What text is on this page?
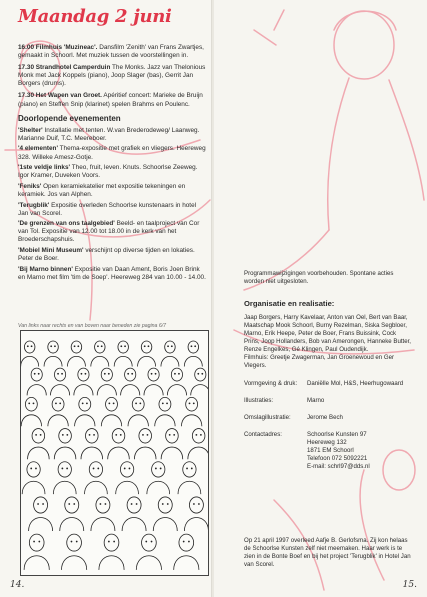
Maandag 2 juni
16.00 Filmhuis 'Muzineac'. Dansfilm 'Zenith' van Frans Zwartjes, gemaakt in Schoorl. Met muziek tussen de voorstellingen in.
17.30 Strandhotel Camperduin The Monks. Jazz van Thelonious Monk met Jack Koppels (piano), Joop Slager (bas), Gerrit Jan Borgers (drums).
17.30 Het Wapen van Groet. Apéritief concert: Marieke de Bruijn (piano) en Steffen Snip (klarinet) spelen Brahms en Poulenc.
Doorlopende evenementen
'Shelter' Installatie met tenten. W.van Brederodeweg/ Laanweg. Marianne Duif, T.C. Meereboer.
'4 elementen' Thema-expositie met grafiek en vliegers. Heereweg 328. Willeke Amesz-Gotje.
'1ste veldje links' Theo, fruit, leven. Knuts. Schoorlse Zeeweg. Igor Kramer, Duveken Voors.
'Feniks' Open keramiekatelier met expositie tekeningen en keramiek. Jos van Alphen.
'Terugblik' Expositie overleden Schoorlse kunstenaars in hotel Jan van Scorel.
'De grenzen van ons taalgebied' Beeld- en taalproject van Cor van Tol. Expositie van 12.00 tot 18.00 in de kerk van het Broederschapshuis.
'Mobiel Mini Museum' verschijnt op diverse tijden en lokaties. Peter de Boer.
'Bij Marno binnen' Expositie van Daan Ament, Boris Joen Brink en Marno met film 'tim de Soep'. Heereweg 284 van 10.00 - 14.00.
Van links naar rechts en van boven naar beneden zie pagina 6/7
14.	15.
Programmawijzigingen voorbehouden. Spontane acties worden niet uitgesloten.
Organisatie en realisatie:
Jaap Borgers, Harry Kavelaar, Anton van Oel, Bert van Baar, Maatschap Mook Schoorl, Burny Rezelman, Siska Segbloer, Marno, Erik Heepe, Peter de Boer, Frans Buissink, Cock Prins, Joop Hollanders, Bob van Amerongen, Hanneke Butter, Renze Engelkes, Gé Klingen, Paul Oudendijk.
Filmhuis: Greetje Zwagerman, Jan Groenewoud en Ger Vlegers.
Vormgeving & druk:	Daniëlle Mol, H&S, Heerhugowaard
Illustraties:	Marno
Omslagillustratie:	Jerome Bech
Contactadres:	Schoorlse Kunsten 97
Heereweg 132
1871 EM Schoorl
Telefoon 072 5092221
E-mail: schrl97@dds.nl
Op 21 april 1997 overleed Aafje B. Gerlofsma. Zij kon helaas de Schoorlse Kunsten zelf niet meemaken. Haar werk is te zien in de Bonte Boef en bij het project 'Terugblik' in Hotel Jan van Scorel.
